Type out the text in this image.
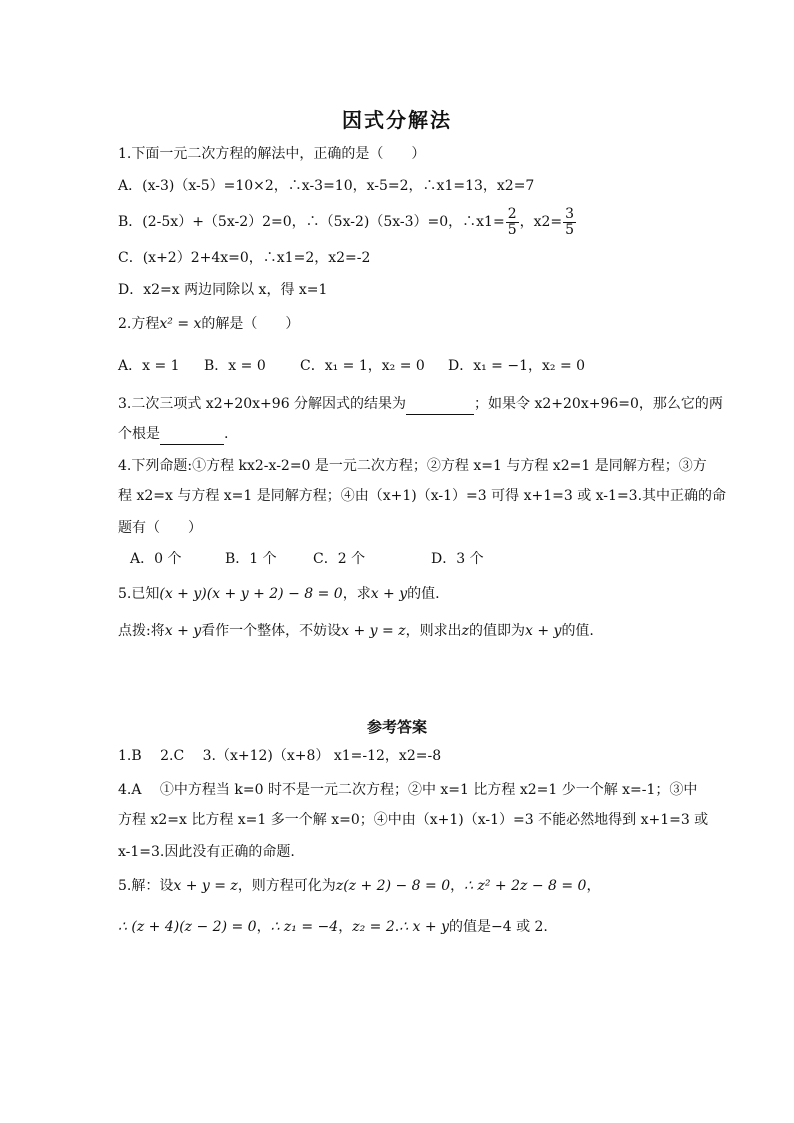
因式分解法
1.下面一元二次方程的解法中，正确的是（　　）
A．(x-3)（x-5）=10×2，∴x-3=10，x-5=2，∴x1=13，x2=7
B．(2-5x）+（5x-2）2=0，∴（5x-2)（5x-3）=0，∴x1= $\frac{2}{5}$ ，$x2= \frac{3}{5}$
C．(x+2）2+4x=0，∴x1=2，x2=-2
D．x2=x 两边同除以 x，得 x=1
2.方程x² = x的解是（　　）
A．x = 1 B．x = 0 C．x₁ = 1，x₂ = 0 D．x₁ = −1，x₂ = 0
3.二次三项式 x2+20x+96 分解因式的结果为	；如果令 x2+20x+96=0，那么它的两
个根是	.
4.下列命题:①方程 kx2-x-2=0 是一元二次方程；②方程 x=1 与方程 x2=1 是同解方程；③方
程 x2=x 与方程 x=1 是同解方程；④由（x+1)（x-1）=3 可得 x+1=3 或 x-1=3.其中正确的命
题有（　　）
A．0 个	B．1 个	C．2 个	D．3 个
5.已知(x + y)(x + y + 2) − 8 = 0，求x + y的值.
点拨:将x + y看作一个整体，不妨设x + y = z，则求出z的值即为x + y的值.
参考答案
1.B　 2.C　 3.（x+12)（x+8） x1=-12，x2=-8
4.A　 ①中方程当 k=0 时不是一元二次方程；②中 x=1 比方程 x2=1 少一个解 x=-1；③中
方程 x2=x 比方程 x=1 多一个解 x=0；④中由（x+1)（x-1）=3 不能必然地得到 x+1=3 或
x-1=3.因此没有正确的命题.
5.解：设x + y = z，则方程可化为z(z + 2) − 8 = 0，∴ z² + 2z − 8 = 0，
∴ (z + 4)(z − 2) = 0，∴ z₁ = −4，z₂ = 2.∴ x + y的值是−4 或 2.
